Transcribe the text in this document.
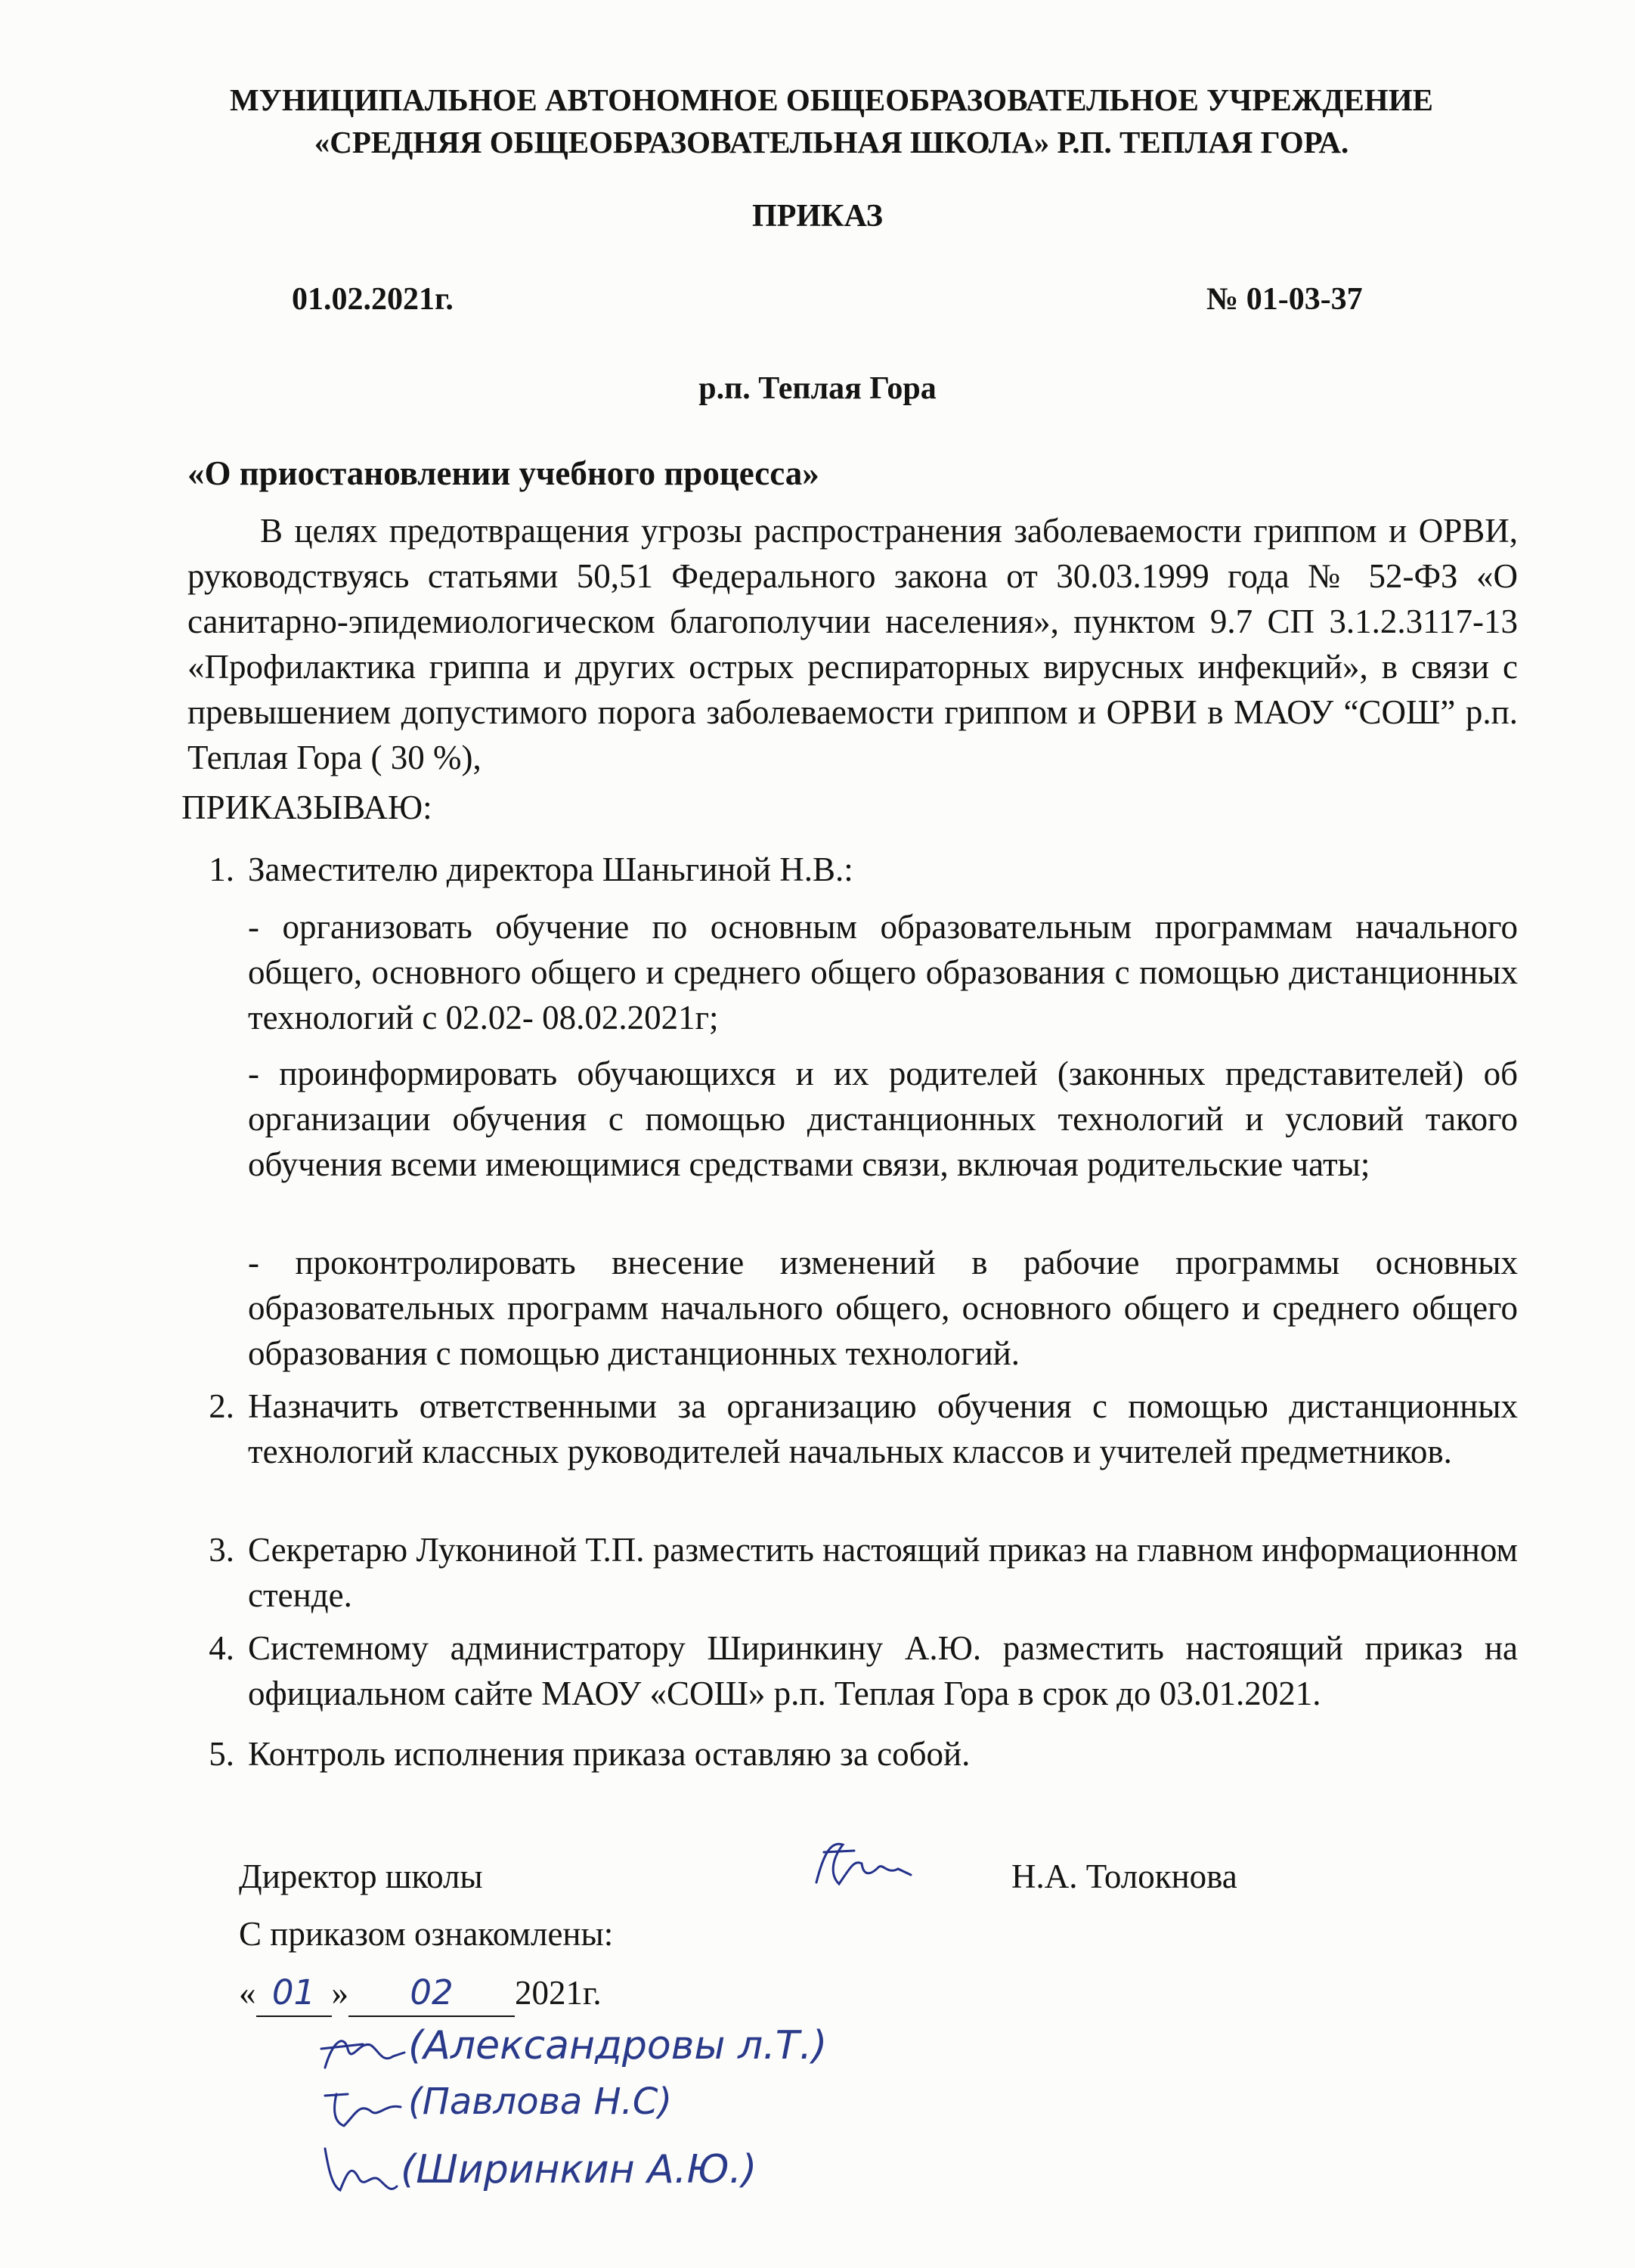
МУНИЦИПАЛЬНОЕ АВТОНОМНОЕ ОБЩЕОБРАЗОВАТЕЛЬНОЕ УЧРЕЖДЕНИЕ
«СРЕДНЯЯ ОБЩЕОБРАЗОВАТЕЛЬНАЯ ШКОЛА» Р.П. ТЕПЛАЯ ГОРА.
ПРИКАЗ
01.02.2021г.	№ 01-03-37
р.п. Теплая Гора
«О приостановлении учебного процесса»
В целях предотвращения угрозы распространения заболеваемости гриппом и ОРВИ, руководствуясь статьями 50,51 Федерального закона от 30.03.1999 года № 52-ФЗ «О санитарно-эпидемиологическом благополучии населения», пунктом 9.7 СП 3.1.2.3117-13 «Профилактика гриппа и других острых респираторных вирусных инфекций», в связи с превышением допустимого порога заболеваемости гриппом и ОРВИ в МАОУ “СОШ” р.п. Теплая Гора ( 30 %),
ПРИКАЗЫВАЮ:
1. Заместителю директора Шаньгиной Н.В.:
- организовать обучение по основным образовательным программам начального общего, основного общего и среднего общего образования с помощью дистанционных технологий с 02.02- 08.02.2021г;
- проинформировать обучающихся и их родителей (законных представителей) об организации обучения с помощью дистанционных технологий и условий такого обучения всеми имеющимися средствами связи, включая родительские чаты;
- проконтролировать внесение изменений в рабочие программы основных образовательных программ начального общего, основного общего и среднего общего образования с помощью дистанционных технологий.
2. Назначить ответственными за организацию обучения с помощью дистанционных технологий классных руководителей начальных классов и учителей предметников.
3. Секретарю Лукониной Т.П. разместить настоящий приказ на главном информационном стенде.
4. Системному администратору Ширинкину А.Ю. разместить настоящий приказ на официальном сайте МАОУ «СОШ» р.п. Теплая Гора в срок до 03.01.2021.
5. Контроль исполнения приказа оставляю за собой.
Директор школы	Н.А. Толокнова
С приказом ознакомлены:
« 01 » 02 2021г.
(Александровы л.Т.)
(Павлова Н.С)
(Ширинкин А.Ю.)
